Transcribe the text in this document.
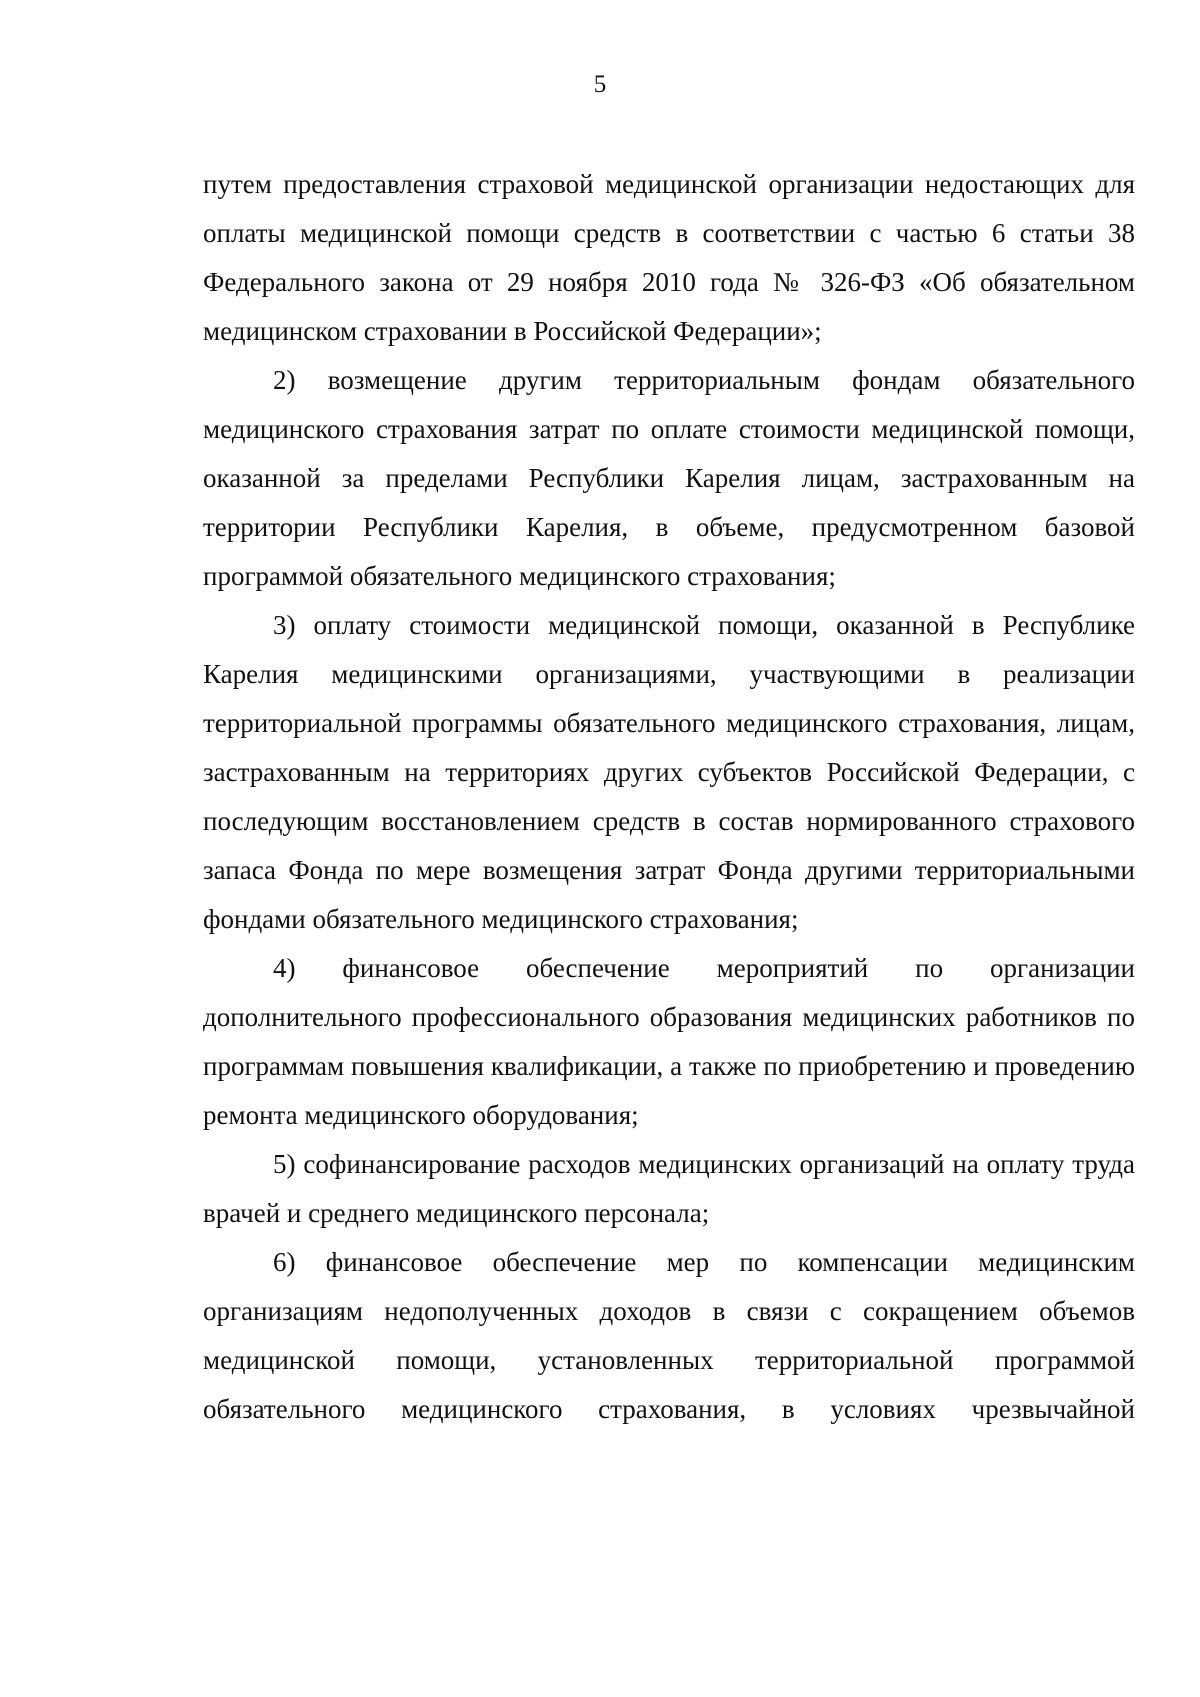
5

путем предоставления страховой медицинской организации недостающих для оплаты медицинской помощи средств в соответствии с частью 6 статьи 38 Федерального закона от 29 ноября 2010 года № 326-ФЗ «Об обязательном медицинском страховании в Российской Федерации»;

2) возмещение другим территориальным фондам обязательного медицинского страхования затрат по оплате стоимости медицинской помощи, оказанной за пределами Республики Карелия лицам, застрахованным на территории Республики Карелия, в объеме, предусмотренном базовой программой обязательного медицинского страхования;

3) оплату стоимости медицинской помощи, оказанной в Республике Карелия медицинскими организациями, участвующими в реализации территориальной программы обязательного медицинского страхования, лицам, застрахованным на территориях других субъектов Российской Федерации, с последующим восстановлением средств в состав нормированного страхового запаса Фонда по мере возмещения затрат Фонда другими территориальными фондами обязательного медицинского страхования;

4) финансовое обеспечение мероприятий по организации дополнительного профессионального образования медицинских работников по программам повышения квалификации, а также по приобретению и проведению ремонта медицинского оборудования;

5) софинансирование расходов медицинских организаций на оплату труда врачей и среднего медицинского персонала;

6) финансовое обеспечение мер по компенсации медицинским организациям недополученных доходов в связи с сокращением объемов медицинской помощи, установленных территориальной программой обязательного медицинского страхования, в условиях чрезвычайной
